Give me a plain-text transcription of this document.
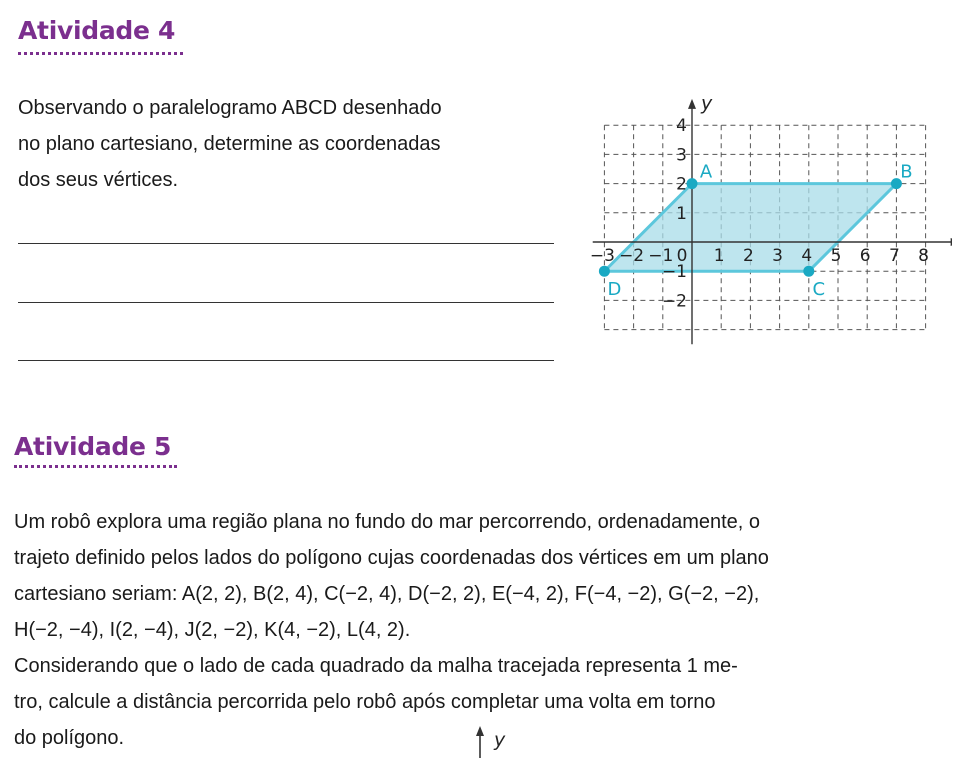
Atividade 4

Observando o paralelogramo ABCD desenhado
no plano cartesiano, determine as coordenadas
dos seus vértices.

y
−3 −2 −1 0 1 2 3 4 5 6 7 8
4
3
2
1
−1
−2
A	B
C
D
Atividade 5

Um robô explora uma região plana no fundo do mar percorrendo, ordenadamente, o
trajeto definido pelos lados do polígono cujas coordenadas dos vértices em um plano
cartesiano seriam: A(2, 2), B(2, 4), C(−2, 4), D(−2, 2), E(−4, 2), F(−4, −2), G(−2, −2),
H(−2, −4), I(2, −4), J(2, −2), K(4, −2), L(4, 2).

Considerando que o lado de cada quadrado da malha tracejada representa 1 me-
tro, calcule a distância percorrida pelo robô após completar uma volta em torno
do polígono.	y
